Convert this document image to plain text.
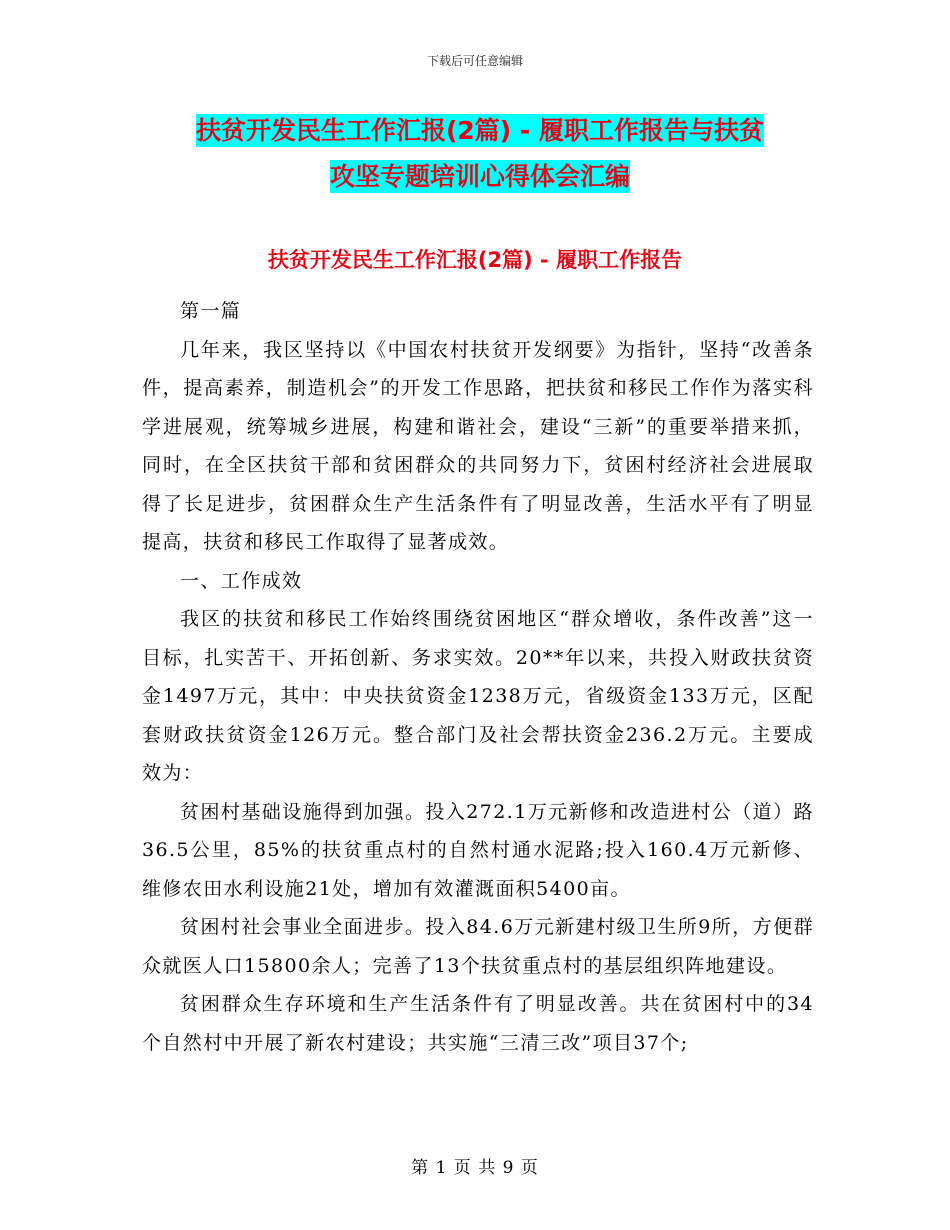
下载后可任意编辑
扶贫开发民生工作汇报(2篇) - 履职工作报告与扶贫
攻坚专题培训心得体会汇编
扶贫开发民生工作汇报(2篇) - 履职工作报告

第一篇

几年来，我区坚持以《中国农村扶贫开发纲要》为指针，坚持“改善条件，提高素养，制造机会”的开发工作思路，把扶贫和移民工作作为落实科学进展观，统筹城乡进展，构建和谐社会，建设“三新”的重要举措来抓，同时，在全区扶贫干部和贫困群众的共同努力下，贫困村经济社会进展取得了长足进步，贫困群众生产生活条件有了明显改善，生活水平有了明显提高，扶贫和移民工作取得了显著成效。

一、工作成效

我区的扶贫和移民工作始终围绕贫困地区“群众增收，条件改善”这一目标，扎实苦干、开拓创新、务求实效。20**年以来，共投入财政扶贫资金1497万元，其中：中央扶贫资金1238万元，省级资金133万元，区配套财政扶贫资金126万元。整合部门及社会帮扶资金236.2万元。主要成效为：

贫困村基础设施得到加强。投入272.1万元新修和改造进村公（道）路36.5公里，85%的扶贫重点村的自然村通水泥路;投入160.4万元新修、维修农田水利设施21处，增加有效灌溉面积5400亩。

贫困村社会事业全面进步。投入84.6万元新建村级卫生所9所，方便群众就医人口15800余人；完善了13个扶贫重点村的基层组织阵地建设。

贫困群众生存环境和生产生活条件有了明显改善。共在贫困村中的34个自然村中开展了新农村建设；共实施“三清三改”项目37个;

第 1 页 共 9 页
